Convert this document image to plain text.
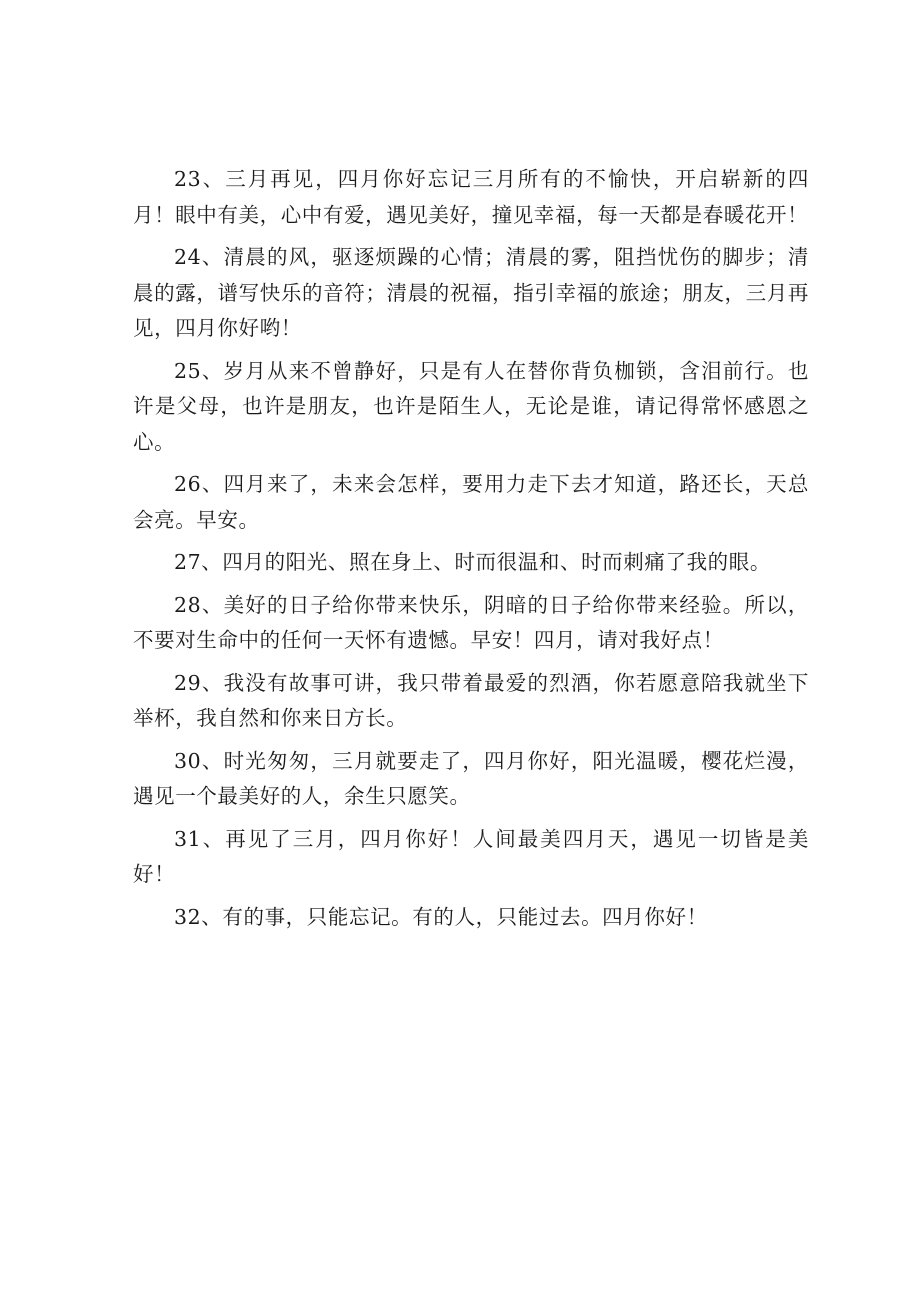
23、三月再见，四月你好忘记三月所有的不愉快，开启崭新的四月！眼中有美，心中有爱，遇见美好，撞见幸福，每一天都是春暖花开！

24、清晨的风，驱逐烦躁的心情；清晨的雾，阻挡忧伤的脚步；清晨的露，谱写快乐的音符；清晨的祝福，指引幸福的旅途；朋友，三月再见，四月你好哟！

25、岁月从来不曾静好，只是有人在替你背负枷锁，含泪前行。也许是父母，也许是朋友，也许是陌生人，无论是谁，请记得常怀感恩之心。

26、四月来了，未来会怎样，要用力走下去才知道，路还长，天总会亮。早安。

27、四月的阳光、照在身上、时而很温和、时而刺痛了我的眼。

28、美好的日子给你带来快乐，阴暗的日子给你带来经验。所以，不要对生命中的任何一天怀有遗憾。早安！四月，请对我好点！

29、我没有故事可讲，我只带着最爱的烈酒，你若愿意陪我就坐下举杯，我自然和你来日方长。

30、时光匆匆，三月就要走了，四月你好，阳光温暖，樱花烂漫，遇见一个最美好的人，余生只愿笑。

31、再见了三月，四月你好！人间最美四月天，遇见一切皆是美好！

32、有的事，只能忘记。有的人，只能过去。四月你好！
